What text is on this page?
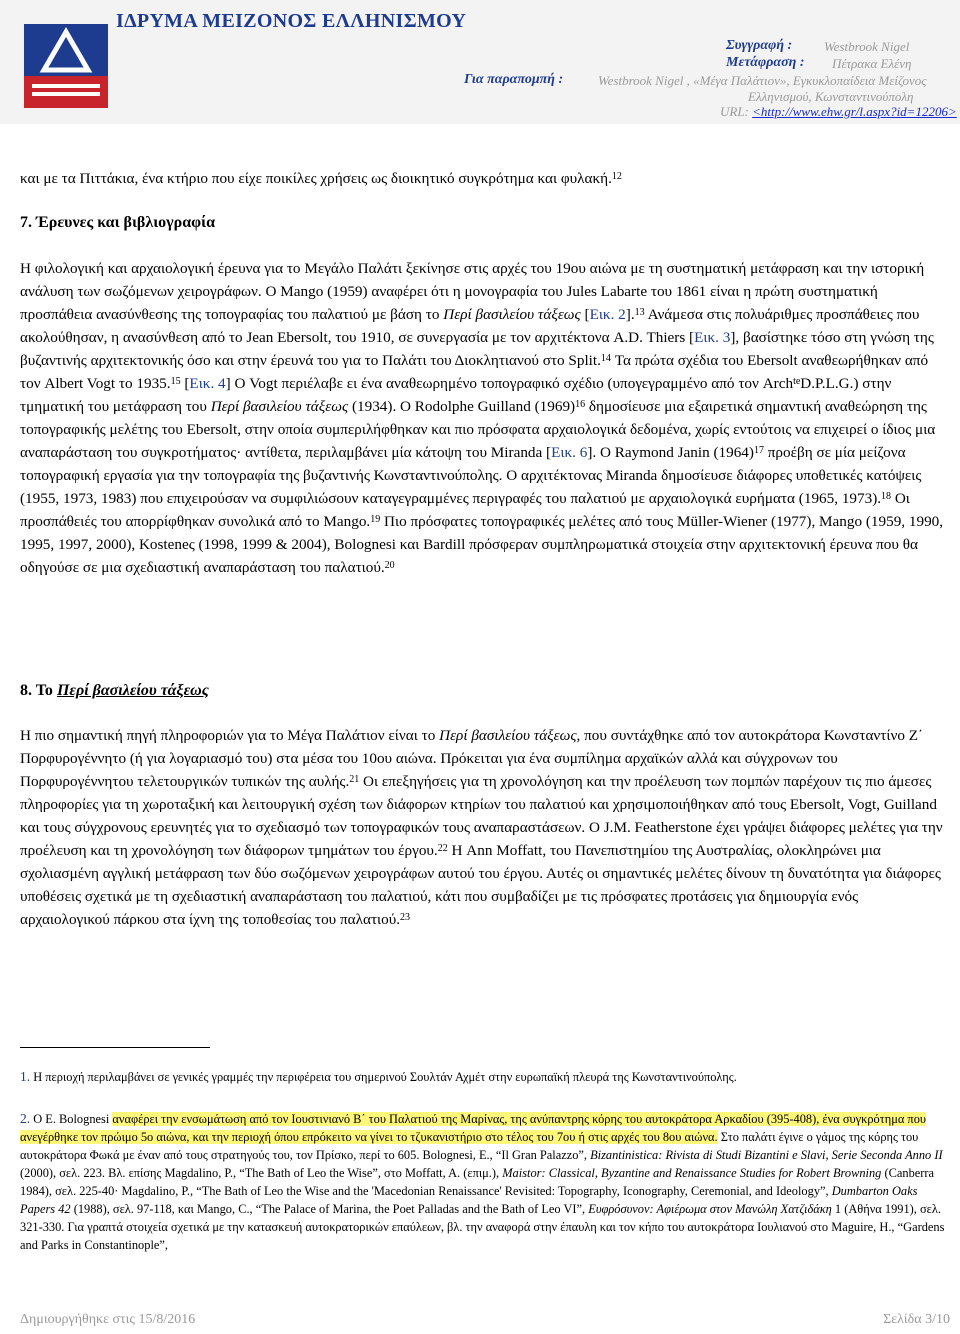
ΙΔΡΥΜΑ ΜΕΙΖΟΝΟΣ ΕΛΛΗΝΙΣΜΟΥ
Συγγραφή : Westbrook Nigel
Μετάφραση : Πέτρακα Ελένη
Για παραπομπή :	Westbrook Nigel , «Μέγα Παλάτιον», Εγκυκλοπαίδεια Μείζονος
Ελληνισμού, Κωνσταντινούπολη
URL: <http://www.ehw.gr/l.aspx?id=12206>
και με τα Πιττάκια, ένα κτήριο που είχε ποικίλες χρήσεις ως διοικητικό συγκρότημα και φυλακή.$^{12}$
7. Έρευνες και βιβλιογραφία
Η φιλολογική και αρχαιολογική έρευνα για το Μεγάλο Παλάτι ξεκίνησε στις αρχές του 19ου αιώνα με τη συστηματική μετάφραση και την ιστορική ανάλυση των σωζόμενων χειρογράφων. Ο Mango (1959) αναφέρει ότι η μονογραφία του Jules Labarte του 1861 είναι η πρώτη συστηματική προσπάθεια ανασύνθεσης της τοπογραφίας του παλατιού με βάση το Περί βασιλείου τάξεως [Εικ. 2].$^{13}$ Ανάμεσα στις πολυάριθμες προσπάθειες που ακολούθησαν, η ανασύνθεση από το Jean Ebersolt, του 1910, σε συνεργασία με τον αρχιτέκτονα A.D. Thiers [Εικ. 3], βασίστηκε τόσο στη γνώση της βυζαντινής αρχιτεκτονικής όσο και στην έρευνά του για το Παλάτι του Διοκλητιανού στο Split.$^{14}$ Τα πρώτα σχέδια του Ebersolt αναθεωρήθηκαν από τον Albert Vogt το 1935.15 [Εικ. 4] Ο Vogt περιέλαβε ει ένα αναθεωρημένο τοπογραφικό σχέδιο (υπογεγραμμένο από τον Arch$^{te}$D.P.L.G.) στην τμηματική του μετάφραση του Περί βασιλείου τάξεως (1934). Ο Rodolphe Guilland $(1969)^{16}$ δημοσίευσε μια εξαιρετικά σημαντική αναθεώρηση της τοπογραφικής μελέτης του Ebersolt, στην οποία συμπεριλήφθηκαν και πιο πρόσφατα αρχαιολογικά δεδομένα, χωρίς εντούτοις να επιχειρεί ο ίδιος μια αναπαράσταση του συγκροτήματος· αντίθετα, περιλαμβάνει μία κάτοψη του Miranda [Εικ. 6]. Ο Raymond Janin $(1964)^{17}$ προέβη σε μία μείζονα τοπογραφική εργασία για την τοπογραφία της βυζαντινής Κωνσταντινούπολης. Ο αρχιτέκτονας Miranda δημοσίευσε διάφορες υποθετικές κατόψεις (1955, 1973, 1983) που επιχειρούσαν να συμφιλιώσουν καταγεγραμμένες περιγραφές του παλατιού με αρχαιολογικά ευρήματα (1965, 1973).$^{18}$ Οι προσπάθειές του απορρίφθηκαν συνολικά από το Mango.$^{19}$ Πιο πρόσφατες τοπογραφικές μελέτες από τους Müller-Wiener (1977), Mango (1959, 1990, 1995, 1997, 2000), Kosteneς (1998, 1999 & 2004), Bolognesi και Bardill πρόσφεραν συμπληρωματικά στοιχεία στην αρχιτεκτονική έρευνα που θα οδηγούσε σε μια σχεδιαστική αναπαράσταση του παλατιού.$^{20}$
8. Το Περί βασιλείου τάξεως
Η πιο σημαντική πηγή πληροφοριών για το Μέγα Παλάτιον είναι το Περί βασιλείου τάξεως, που συντάχθηκε από τον αυτοκράτορα Κωνσταντίνο Ζ΄ Πορφυρογέννητο (ή για λογαριασμό του) στα μέσα του 10ου αιώνα. Πρόκειται για ένα συμπίλημα αρχαϊκών αλλά και σύγχρονων του Πορφυρογέννητου τελετουργικών τυπικών της αυλής.$^{21}$ Οι επεξηγήσεις για τη χρονολόγηση και την προέλευση των πομπών παρέχουν τις πιο άμεσες πληροφορίες για τη χωροταξική και λειτουργική σχέση των διάφορων κτηρίων του παλατιού και χρησιμοποιήθηκαν από τους Ebersolt, Vogt, Guilland και τους σύγχρονους ερευνητές για το σχεδιασμό των τοπογραφικών τους αναπαραστάσεων. Ο J.M. Featherstone έχει γράψει διάφορες μελέτες για την προέλευση και τη χρονολόγηση των διάφορων τμημάτων του έργου.$^{22}$ Η Ann Moffatt, του Πανεπιστημίου της Αυστραλίας, ολοκληρώνει μια σχολιασμένη αγγλική μετάφραση των δύο σωζόμενων χειρογράφων αυτού του έργου. Αυτές οι σημαντικές μελέτες δίνουν τη δυνατότητα για διάφορες υποθέσεις σχετικά με τη σχεδιαστική αναπαράσταση του παλατιού, κάτι που συμβαδίζει με τις πρόσφατες προτάσεις για δημιουργία ενός αρχαιολογικού πάρκου στα ίχνη της τοποθεσίας του παλατιού.$^{23}$
1. Η περιοχή περιλαμβάνει σε γενικές γραμμές την περιφέρεια του σημερινού Σουλτάν Αχμέτ στην ευρωπαϊκή πλευρά της Κωνσταντινούπολης.
2. Ο Ε. Bolognesi αναφέρει την ενσωμάτωση από τον Ιουστινιανό Β΄ του Παλατιού της Μαρίνας, της ανύπαντρης κόρης του αυτοκράτορα Αρκαδίου (395-408), ένα συγκρότημα που ανεγέρθηκε τον πρώιμο 5ο αιώνα, και την περιοχή όπου επρόκειτο να γίνει το τζυκανιστήριο στο τέλος του 7ου ή στις αρχές του 8ου αιώνα. Στο παλάτι έγινε ο γάμος της κόρης του αυτοκράτορα Φωκά με έναν από τους στρατηγούς του, τον Πρίσκο, περί το 605. Bolognesi, E., “Il Gran Palazzo”, Bizantinistica: Rivista di Studi Bizantini e Slavi, Serie Seconda Anno II (2000), σελ. 223. Βλ. επίσης Magdalino, P., “The Bath of Leo the Wise”, στο Moffatt, A. (επιμ.), Maistor: Classical, Byzantine and Renaissance Studies for Robert Browning (Canberra 1984), σελ. 225-40· Magdalino, P., “The Bath of Leo the Wise and the 'Macedonian Renaissance' Revisited: Topography, Iconography, Ceremonial, and Ideology”, Dumbarton Oaks Papers 42 (1988), σελ. 97-118, και Mango, C., “The Palace of Marina, the Poet Palladas and the Bath of Leo VI”, Ευφρόσυνον: Αφιέρωμα στον Μανώλη Χατζιδάκη 1 (Αθήνα 1991), σελ. 321-330. Για γραπτά στοιχεία σχετικά με την κατασκευή αυτοκρατορικών επαύλεων, βλ. την αναφορά στην έπαυλη και τον κήπο του αυτοκράτορα Ιουλιανού στο Maguire, H., “Gardens and Parks in Constantinople”,
Δημιουργήθηκε στις 15/8/2016	Σελίδα 3/10
